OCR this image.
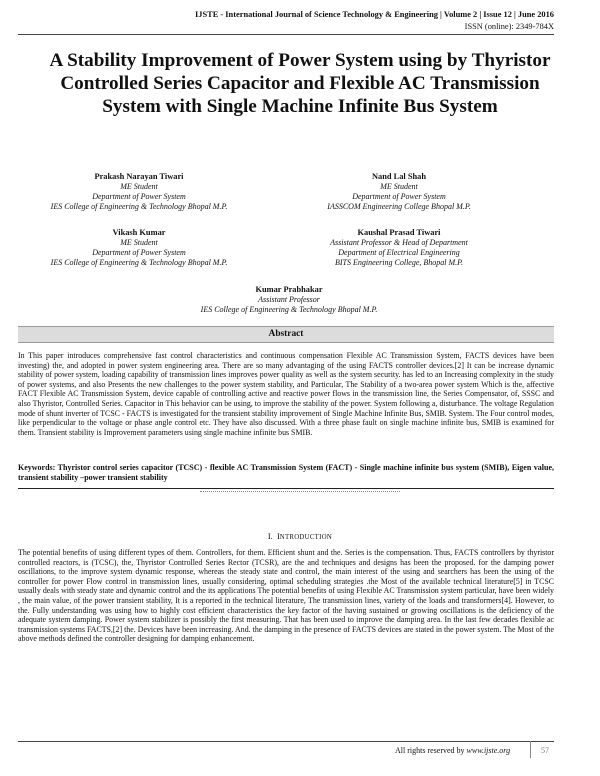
IJSTE - International Journal of Science Technology & Engineering | Volume 2 | Issue 12 | June 2016
ISSN (online): 2349-784X
A Stability Improvement of Power System using by Thyristor Controlled Series Capacitor and Flexible AC Transmission System with Single Machine Infinite Bus System
Prakash Narayan Tiwari
ME Student
Department of Power System
IES College of Engineering & Technology Bhopal M.P.
Nand Lal Shah
ME Student
Department of Power System
IASSCOM Engineering College Bhopal M.P.
Vikash Kumar
ME Student
Department of Power System
IES College of Engineering & Technology Bhopal M.P.
Kaushal Prasad Tiwari
Assistant Professor & Head of Department
Department of Electrical Engineering
BITS Engineering College, Bhopal M.P.
Kumar Prabhakar
Assistant Professor
IES College of Engineering & Technology Bhopal M.P.
Abstract

In This paper introduces comprehensive fast control characteristics and continuous compensation Flexible AC Transmission System, FACTS devices have been investing) the, and adopted in power system engineering area. There are so many advantaging of the using FACTS controller devices.[2] It can be increase dynamic stability of power system, loading capability of transmission lines improves power quality as well as the system security. has led to an Increasing complexity in the study of power systems, and also Presents the new challenges to the power system stability, and Particular, The Stability of a two-area power system Which is the, affective FACT Flexible AC Transmission System, device capable of controlling active and reactive power flows in the transmission line, the Series Compensator, of, SSSC and also Thyristor, Controlled Series. Capacitor in This behavior can be using, to improve the stability of the power. System following a, disturbance. The voltage Regulation mode of shunt inverter of TCSC - FACTS is investigated for the transient stability improvement of Single Machine Infinite Bus, SMIB. System. The Four control modes, like perpendicular to the voltage or phase angle control etc. They have also discussed. With a three phase fault on single machine infinite bus, SMIB is examined for them. Transient stability is Improvement parameters using single machine infinite bus SMIB.

Keywords: Thyristor control series capacitor (TCSC) - flexible AC Transmission System (FACT) - Single machine infinite bus system (SMIB), Eigen value, transient stability –power transient stability

I. INTRODUCTION

The potential benefits of using different types of them. Controllers, for them. Efficient shunt and the. Series is the compensation. Thus, FACTS controllers by thyristor controlled reactors, is (TCSC), the, Thyristor Controlled Series Rector (TCSR), are the and techniques and designs has been the proposed. for the damping power oscillations, to the improve system dynamic response, whereas the steady state and control, the main interest of the using and searchers has been the using of the controller for power Flow control in transmission lines, usually considering, optimal scheduling strategies .the Most of the available technical literature[5] in TCSC usually deals with steady state and dynamic control and the its applications The potential benefits of using Flexible AC Transmission system particular, have been widely , the main value, of the power transient stability, It is a reported in the technical literature, The transmission lines, variety of the loads and transformers[4]. However, to the. Fully understanding was using how to highly cost efficient characteristics the key factor of the having sustained or growing oscillations is the deficiency of the adequate system damping. Power system stabilizer is possibly the first measuring. That has been used to improve the damping area. In the last few decades flexible ac transmission systems FACTS,[2] the. Devices have been increasing. And. the damping in the presence of FACTS devices are stated in the power system. The Most of the above methods defined the controller designing for damping enhancement.

All rights reserved by www.ijste.org	57
